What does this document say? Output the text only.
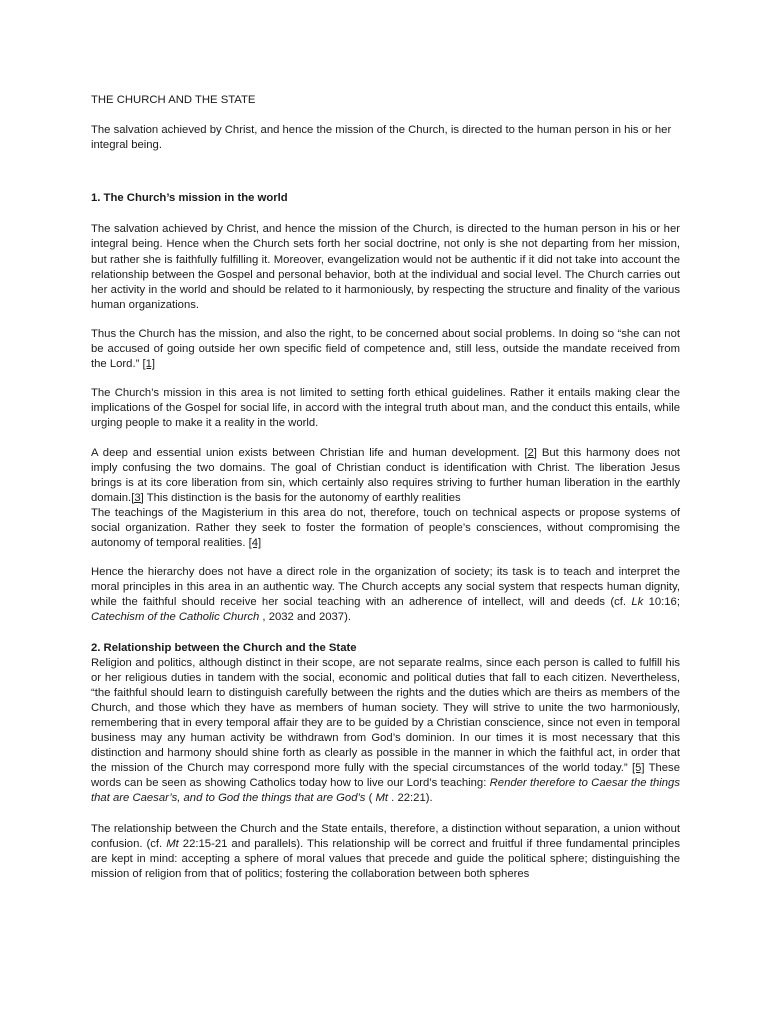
THE CHURCH AND THE STATE

The salvation achieved by Christ, and hence the mission of the Church, is directed to the human person in his or her integral being.

1. The Church’s mission in the world

The salvation achieved by Christ, and hence the mission of the Church, is directed to the human person in his or her integral being. Hence when the Church sets forth her social doctrine, not only is she not departing from her mission, but rather she is faithfully fulfilling it. Moreover, evangelization would not be authentic if it did not take into account the relationship between the Gospel and personal behavior, both at the individual and social level. The Church carries out her activity in the world and should be related to it harmoniously, by respecting the structure and finality of the various human organizations.

Thus the Church has the mission, and also the right, to be concerned about social problems. In doing so “she can not be accused of going outside her own specific field of competence and, still less, outside the mandate received from the Lord.” [1]

The Church’s mission in this area is not limited to setting forth ethical guidelines. Rather it entails making clear the implications of the Gospel for social life, in accord with the integral truth about man, and the conduct this entails, while urging people to make it a reality in the world.

A deep and essential union exists between Christian life and human development. [2] But this harmony does not imply confusing the two domains. The goal of Christian conduct is identification with Christ. The liberation Jesus brings is at its core liberation from sin, which certainly also requires striving to further human liberation in the earthly domain.[3] This distinction is the basis for the autonomy of earthly realities

The teachings of the Magisterium in this area do not, therefore, touch on technical aspects or propose systems of social organization. Rather they seek to foster the formation of people’s consciences, without compromising the autonomy of temporal realities. [4]

Hence the hierarchy does not have a direct role in the organization of society; its task is to teach and interpret the moral principles in this area in an authentic way. The Church accepts any social system that respects human dignity, while the faithful should receive her social teaching with an adherence of intellect, will and deeds (cf. Lk 10:16; Catechism of the Catholic Church , 2032 and 2037).

2. Relationship between the Church and the State

Religion and politics, although distinct in their scope, are not separate realms, since each person is called to fulfill his or her religious duties in tandem with the social, economic and political duties that fall to each citizen. Nevertheless, “the faithful should learn to distinguish carefully between the rights and the duties which are theirs as members of the Church, and those which they have as members of human society. They will strive to unite the two harmoniously, remembering that in every temporal affair they are to be guided by a Christian conscience, since not even in temporal business may any human activity be withdrawn from God’s dominion. In our times it is most necessary that this distinction and harmony should shine forth as clearly as possible in the manner in which the faithful act, in order that the mission of the Church may correspond more fully with the special circumstances of the world today.” [5] These words can be seen as showing Catholics today how to live our Lord’s teaching: Render therefore to Caesar the things that are Caesar’s, and to God the things that are God’s ( Mt . 22:21).

The relationship between the Church and the State entails, therefore, a distinction without separation, a union without confusion. (cf. Mt 22:15-21 and parallels). This relationship will be correct and fruitful if three fundamental principles are kept in mind: accepting a sphere of moral values that precede and guide the political sphere; distinguishing the mission of religion from that of politics; fostering the collaboration between both spheres
